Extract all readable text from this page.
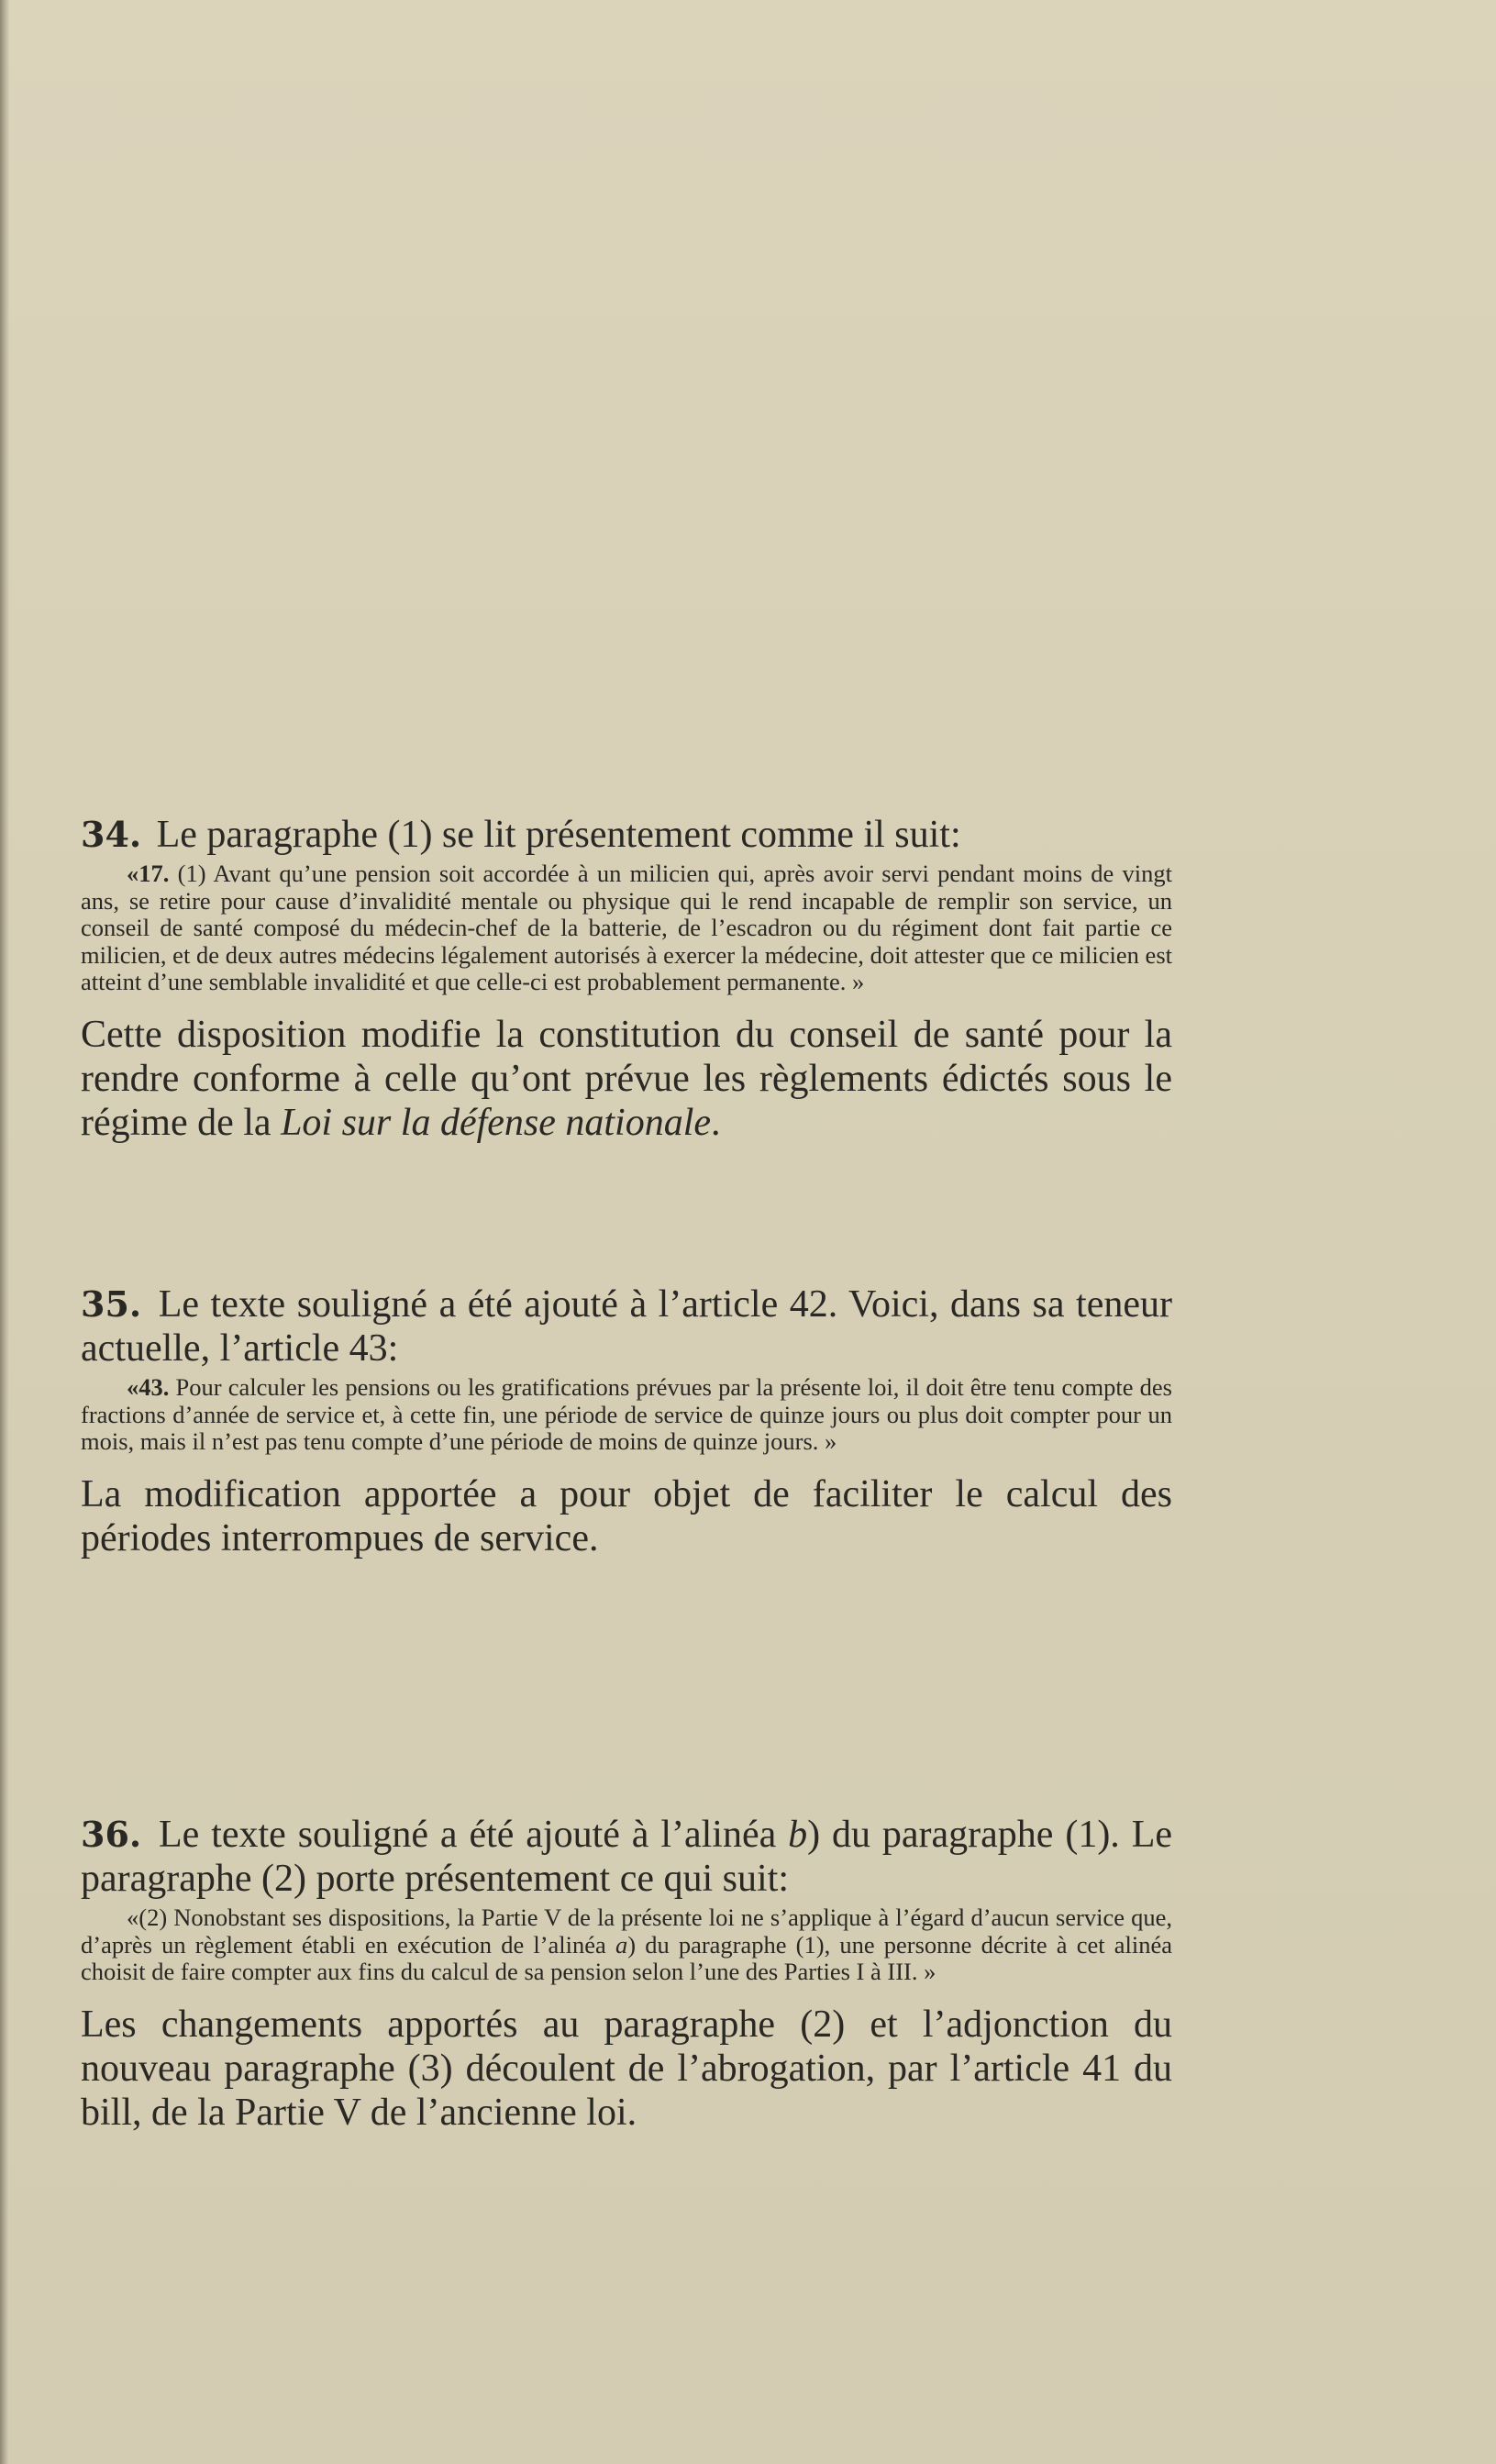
34. Le paragraphe (1) se lit présentement comme il suit:

«17. (1) Avant qu’une pension soit accordée à un milicien qui, après avoir servi pendant moins de vingt ans, se retire pour cause d’invalidité mentale ou physique qui le rend incapable de remplir son service, un conseil de santé composé du médecin-chef de la batterie, de l’escadron ou du régiment dont fait partie ce milicien, et de deux autres médecins légalement autorisés à exercer la médecine, doit attester que ce milicien est atteint d’une semblable invalidité et que celle-ci est probablement permanente. »

Cette disposition modifie la constitution du conseil de santé pour la rendre conforme à celle qu’ont prévue les règlements édictés sous le régime de la Loi sur la défense nationale.

35. Le texte souligné a été ajouté à l’article 42. Voici, dans sa teneur actuelle, l’article 43:

«43. Pour calculer les pensions ou les gratifications prévues par la présente loi, il doit être tenu compte des fractions d’année de service et, à cette fin, une période de service de quinze jours ou plus doit compter pour un mois, mais il n’est pas tenu compte d’une période de moins de quinze jours. »

La modification apportée a pour objet de faciliter le calcul des périodes interrompues de service.

36. Le texte souligné a été ajouté à l’alinéa b) du paragraphe (1). Le paragraphe (2) porte présentement ce qui suit:

«(2) Nonobstant ses dispositions, la Partie V de la présente loi ne s’applique à l’égard d’aucun service que, d’après un règlement établi en exécution de l’alinéa a) du paragraphe (1), une personne décrite à cet alinéa choisit de faire compter aux fins du calcul de sa pension selon l’une des Parties I à III. »

Les changements apportés au paragraphe (2) et l’adjonction du nouveau paragraphe (3) découlent de l’abrogation, par l’article 41 du bill, de la Partie V de l’ancienne loi.
